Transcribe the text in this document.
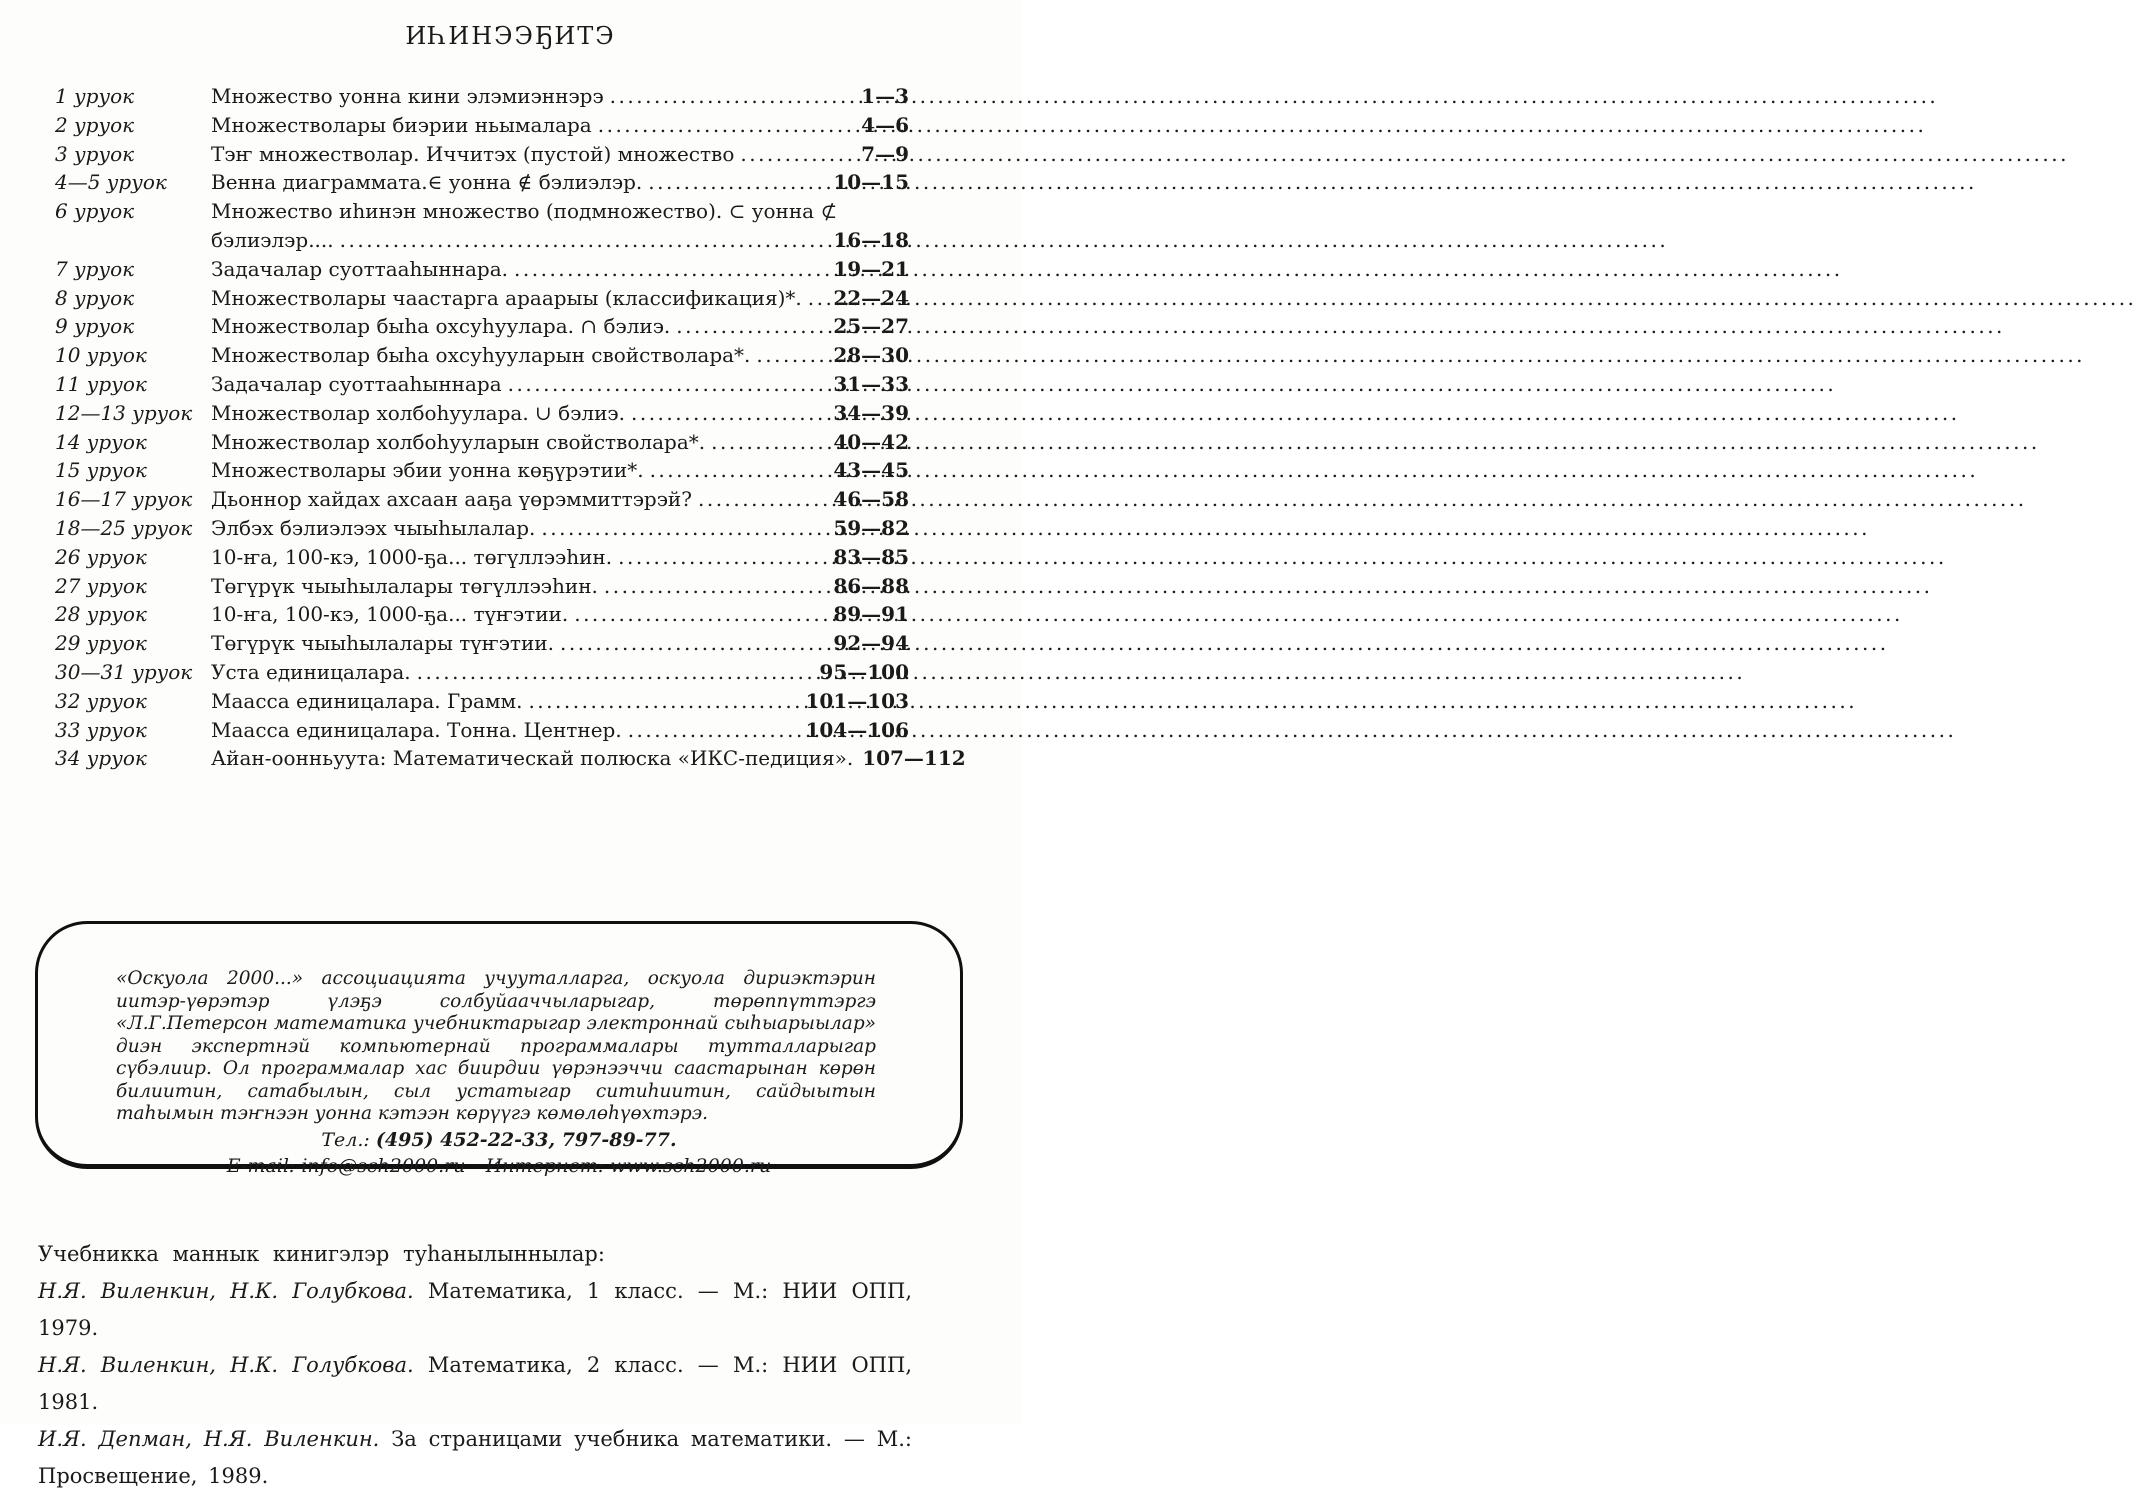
ИҺИНЭЭҔИТЭ
1 уруок	Множество уонна кини элэмиэннэрэ .....	1—3
2 уруок	Множестволары биэрии ньымалара .....	4—6
3 уруок	Тэҥ множестволар. Иччитэх (пустой) множество .....	7—9
4—5 уруок	Венна диаграммата.∈ уонна ∉ бэлиэлэр. .....	10—15
6 уруок	Множество иһинэн множество (подмножество). ⊂ уонна ⊄
бэлиэлэр.... .....	16—18
7 уруок	Задачалар суоттааһыннара. .....	19—21
8 уруок	Множестволары чаастарга араарыы (классификация)*. ..... 22—24
9 уруок	Множестволар быһа охсуһуулара. ∩ бэлиэ. .....	25—27
10 уруок	Множестволар быһа охсуһууларын свойстволара*. .....	28—30
11 уруок	Задачалар суоттааһыннара .....	31—33
12—13 уруок Множестволар холбоһуулара. ∪ бэлиэ. .....	34—39
14 уруок	Множестволар холбоһууларын свойстволара*. .....	40—42
15 уруок	Множестволары эбии уонна көҕүрэтии*. .....	43—45
16—17 уруок Дьоннор хайдах ахсаан ааҕа үөрэммиттэрэй? .....	46—58
18—25 уруок Элбэх бэлиэлээх чыыһылалар. .....	59—82
26 уруок	10-ҥа, 100-кэ, 1000-ҕа... төгүллээһин. .....	83—85
27 уруок	Төгүрүк чыыһылалары төгүллээһин. .....	86—88
28 уруок	10-ҥа, 100-кэ, 1000-ҕа... түҥэтии. .....	89—91
29 уруок	Төгүрүк чыыһылалары түҥэтии. .....	92—94
30—31 уруок Уста единицалара. .....	95—100
32 уруок	Маасса единицалара. Грамм. .....	101—103
33 уруок	Маасса единицалара. Тонна. Центнер. .....	104—106
34 уруок	Айан-оонньуута: Математическай полюска «ИКС-педиция». 107—112

«Оскуола 2000...» ассоциацията учууталларга, оскуола дириэктэрин иитэр-үөрэтэр үлэҕэ солбуйааччыларыгар, төрөппүттэргэ «Л.Г.Петерсон математика учебниктарыгар электроннай сыһыарыылар» диэн экспертнэй компьютернай программалары тутталларыгар сүбэлиир. Ол программалар хас биирдии үөрэнээччи саастарынан көрөн билиитин, сатабылын, сыл устатыгар ситиһиитин, сайдыытын таһымын тэҥнээн уонна кэтээн көрүүгэ көмөлөһүөхтэрэ.

Тел.: (495) 452-22-33, 797-89-77.

E-mail: info@sch2000.ru Интернет: www.sch2000.ru

Учебникка маннык кинигэлэр туһанылыннылар:

Н.Я. Виленкин, Н.К. Голубкова. Математика, 1 класс. — М.: НИИ ОПП, 1979.

Н.Я. Виленкин, Н.К. Голубкова. Математика, 2 класс. — М.: НИИ ОПП, 1981.

И.Я. Депман, Н.Я. Виленкин. За страницами учебника математики. — М.: Просвещение, 1989.
